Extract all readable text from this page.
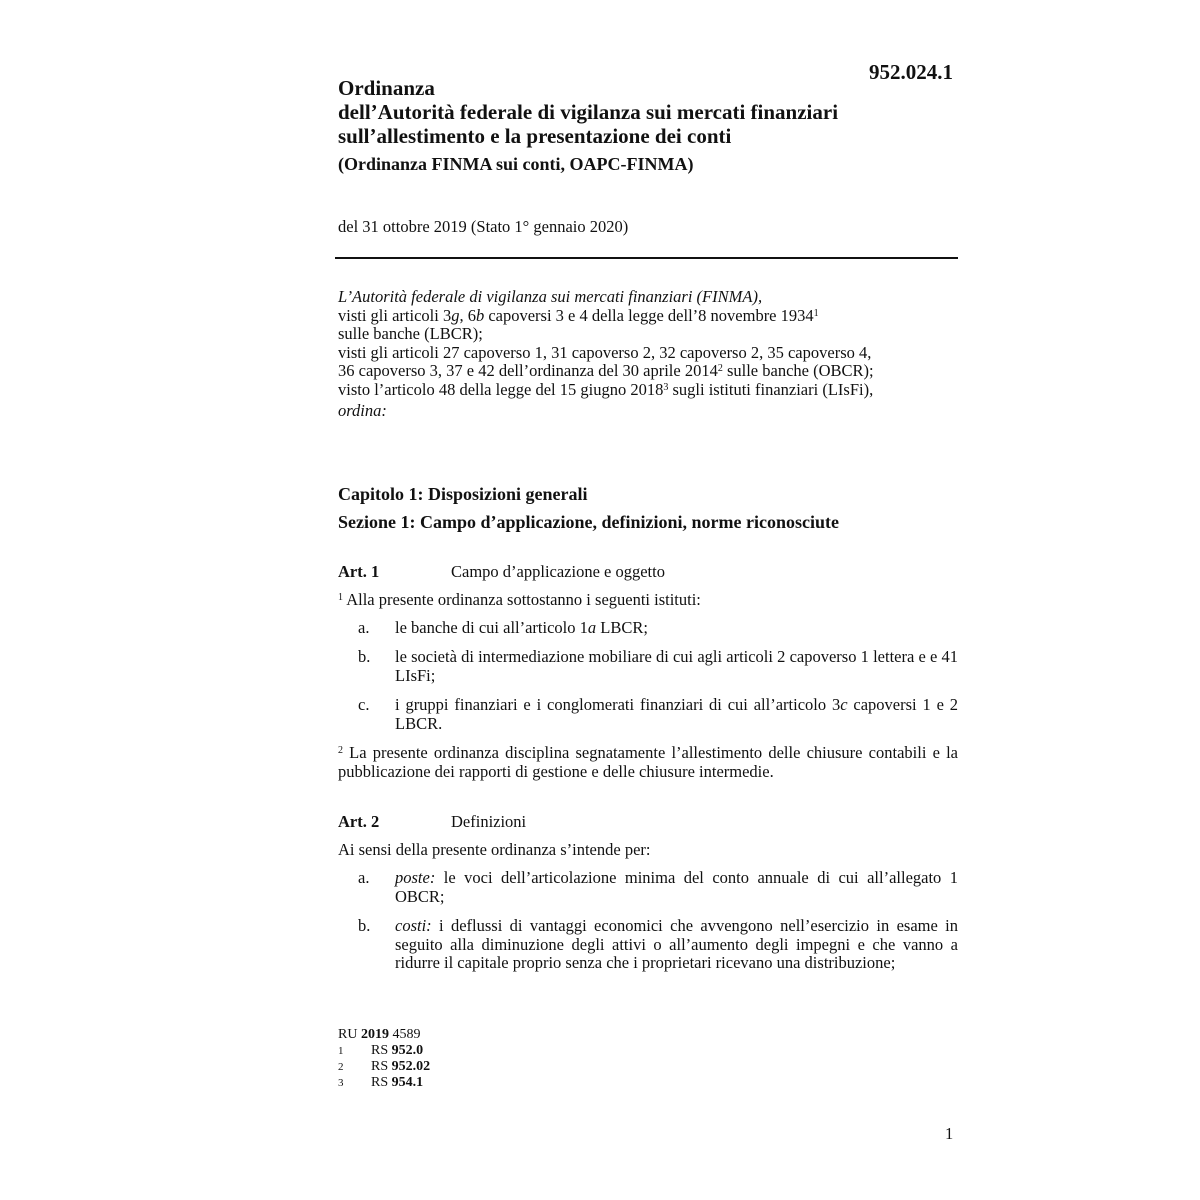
952.024.1
Ordinanza
dell’Autorità federale di vigilanza sui mercati finanziari
sull’allestimento e la presentazione dei conti
(Ordinanza FINMA sui conti, OAPC-FINMA)
del 31 ottobre 2019 (Stato 1° gennaio 2020)
L’Autorità federale di vigilanza sui mercati finanziari (FINMA),
visti gli articoli 3g, 6b capoversi 3 e 4 della legge dell’8 novembre 1934$^1$
sulle banche (LBCR);
visti gli articoli 27 capoverso 1, 31 capoverso 2, 32 capoverso 2, 35 capoverso 4,
36 capoverso 3, 37 e 42 dell’ordinanza del 30 aprile 2014$^2$ sulle banche (OBCR);
visto l’articolo 48 della legge del 15 giugno 2018$^3$ sugli istituti finanziari (LIsFi),
ordina:
Capitolo 1: Disposizioni generali
Sezione 1: Campo d’applicazione, definizioni, norme riconosciute
Art. 1	Campo d’applicazione e oggetto
$^1$ Alla presente ordinanza sottostanno i seguenti istituti:
a.	le banche di cui all’articolo 1a LBCR;
b.	le società di intermediazione mobiliare di cui agli articoli 2 capoverso 1 lettera e e 41 LIsFi;
c.	i gruppi finanziari e i conglomerati finanziari di cui all’articolo 3c capoversi 1 e 2 LBCR.
$^2$ La presente ordinanza disciplina segnatamente l’allestimento delle chiusure contabili e la pubblicazione dei rapporti di gestione e delle chiusure intermedie.
Art. 2	Definizioni
Ai sensi della presente ordinanza s’intende per:
a.	poste: le voci dell’articolazione minima del conto annuale di cui all’allegato 1 OBCR;
b.	costi: i deflussi di vantaggi economici che avvengono nell’esercizio in esame in seguito alla diminuzione degli attivi o all’aumento degli impegni e che vanno a ridurre il capitale proprio senza che i proprietari ricevano una distribuzione;
RU 2019 4589
1	RS 952.0
2	RS 952.02
3	RS 954.1
1
